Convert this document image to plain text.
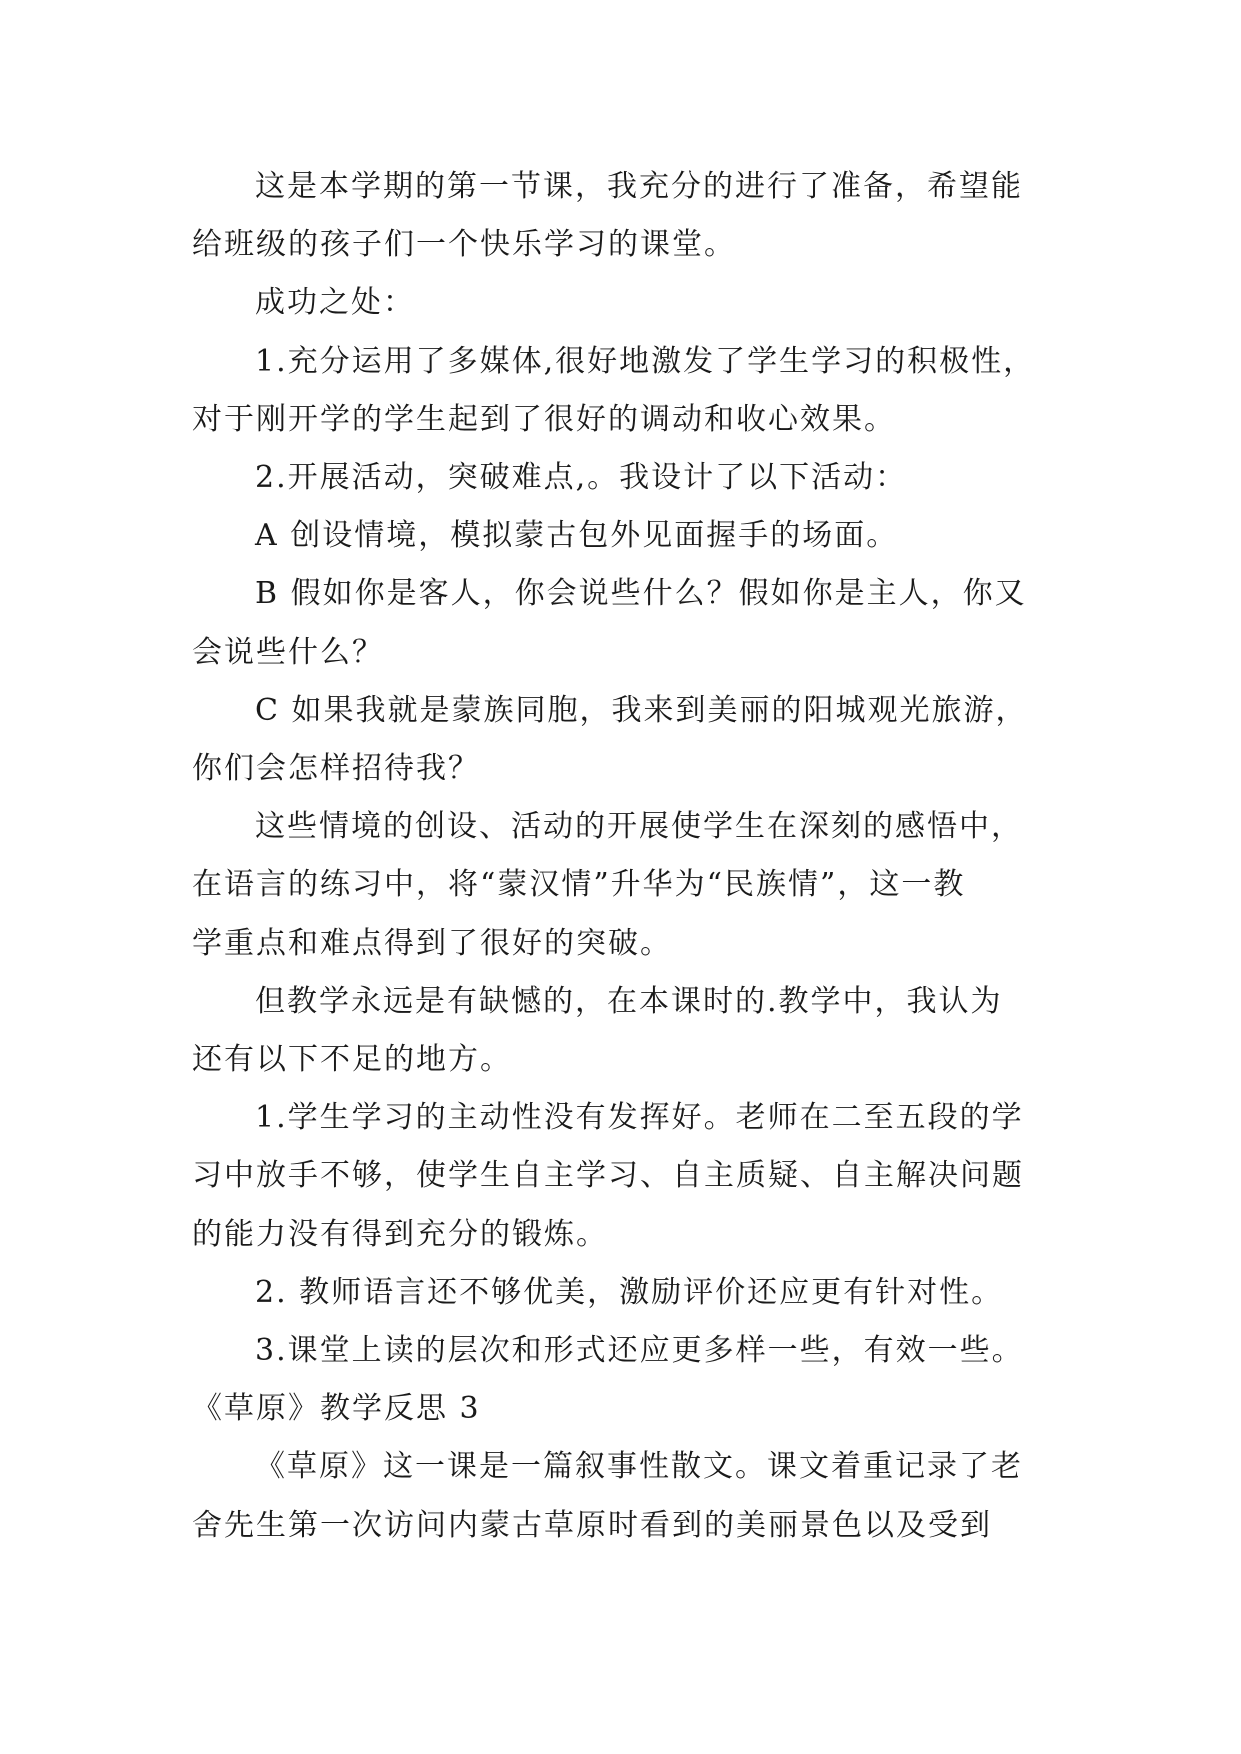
这是本学期的第一节课，我充分的进行了准备，希望能
给班级的孩子们一个快乐学习的课堂。
成功之处：
1.充分运用了多媒体,很好地激发了学生学习的积极性，
对于刚开学的学生起到了很好的调动和收心效果。
2.开展活动，突破难点,。我设计了以下活动：
A 创设情境，模拟蒙古包外见面握手的场面。
B 假如你是客人，你会说些什么？假如你是主人，你又
会说些什么？
C 如果我就是蒙族同胞，我来到美丽的阳城观光旅游，
你们会怎样招待我？
这些情境的创设、活动的开展使学生在深刻的感悟中，
在语言的练习中，将“蒙汉情”升华为“民族情”，这一教
学重点和难点得到了很好的突破。
但教学永远是有缺憾的，在本课时的.教学中，我认为
还有以下不足的地方。
1.学生学习的主动性没有发挥好。老师在二至五段的学
习中放手不够，使学生自主学习、自主质疑、自主解决问题
的能力没有得到充分的锻炼。
2. 教师语言还不够优美，激励评价还应更有针对性。
3.课堂上读的层次和形式还应更多样一些，有效一些。
《草原》教学反思 3
《草原》这一课是一篇叙事性散文。课文着重记录了老
舍先生第一次访问内蒙古草原时看到的美丽景色以及受到
